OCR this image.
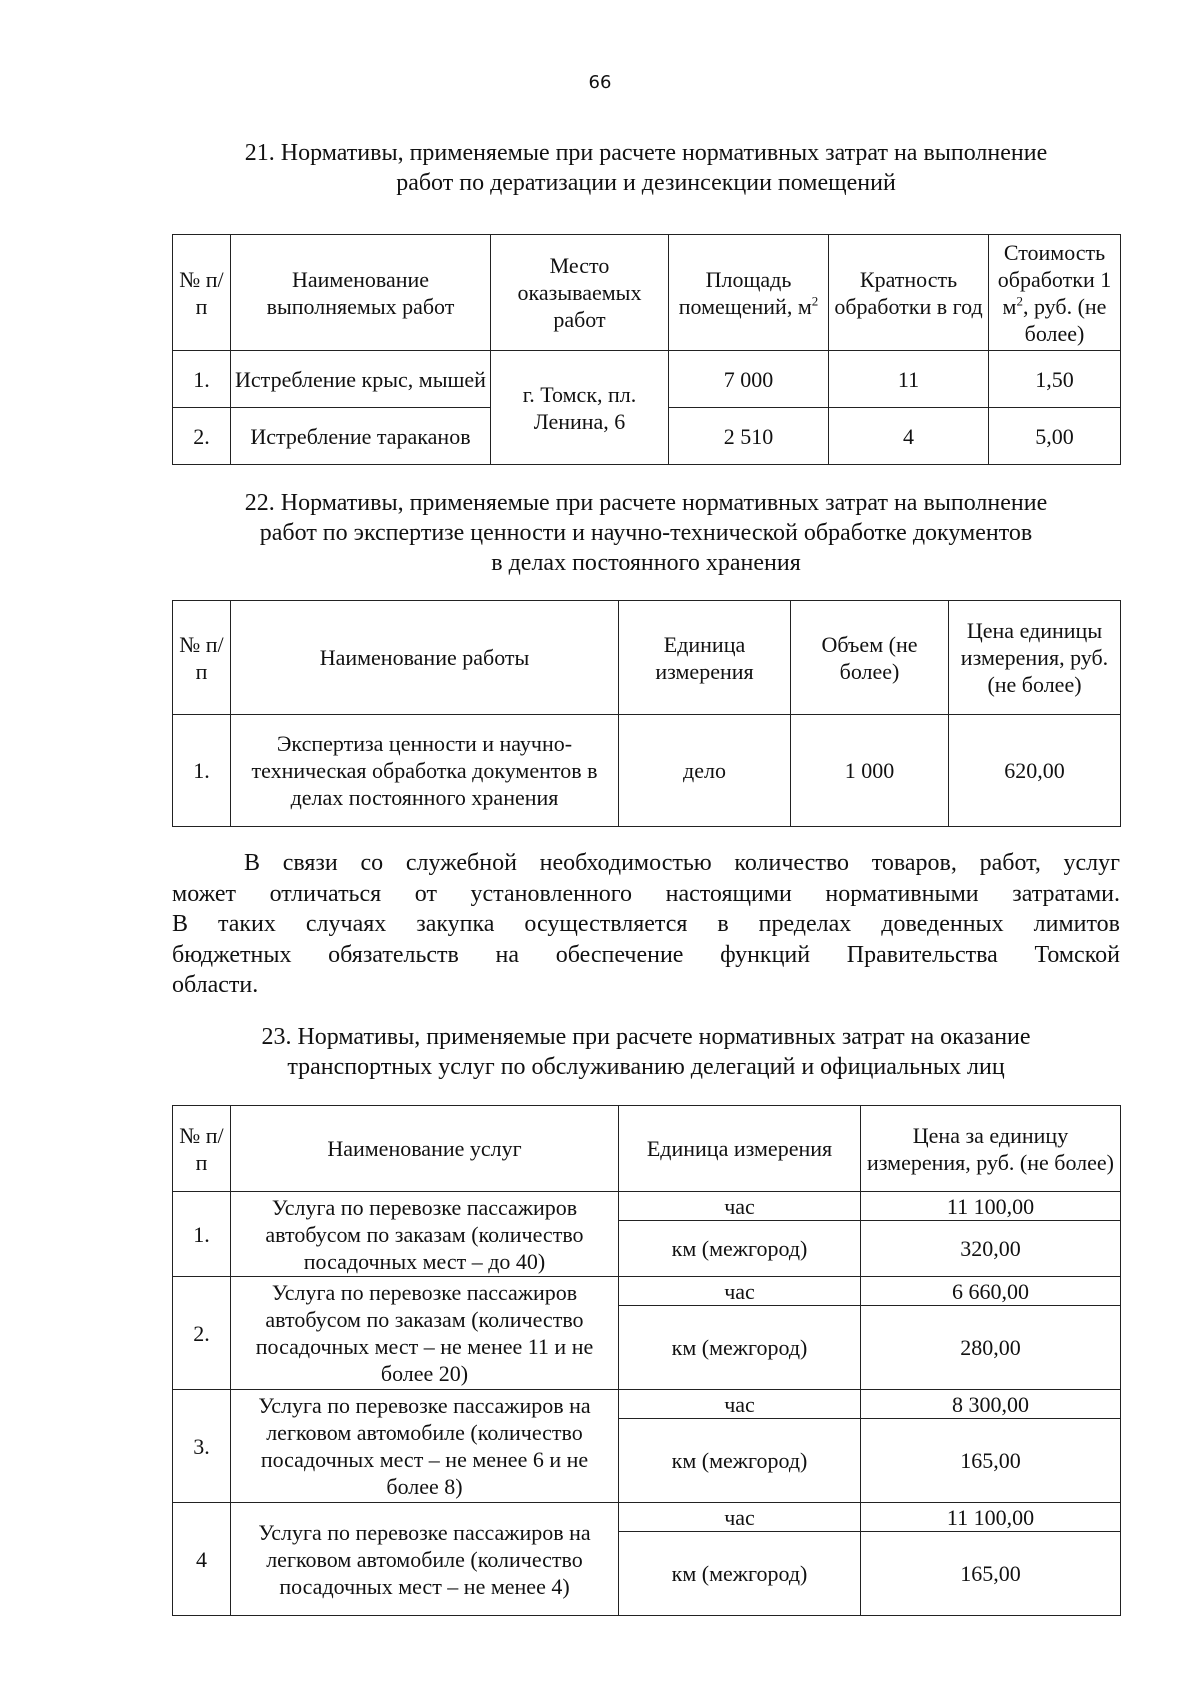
66
21. Нормативы, применяемые при расчете нормативных затрат на выполнение
работ по дератизации и дезинсекции помещений
№ п/п	Наименование выполняемых работ	Место оказываемых работ	Площадь помещений, $м^2$	Кратность обработки в год	Стоимость обработки 1 $м^2$, руб. (не более)
1.	Истребление крыс, мышей	г. Томск, пл. Ленина, 6	7 000	11	1,50
2.	Истребление тараканов		2 510	4	5,00
22. Нормативы, применяемые при расчете нормативных затрат на выполнение
работ по экспертизе ценности и научно-технической обработке документов
в делах постоянного хранения
№ п/п	Наименование работы	Единица измерения	Объем (не более)	Цена единицы измерения, руб. (не более)
1.	Экспертиза ценности и научно-техническая обработка документов в делах постоянного хранения	дело	1 000	620,00
В связи со служебной необходимостью количество товаров, работ, услуг
может отличаться от установленного настоящими нормативными затратами.
В таких случаях закупка осуществляется в пределах доведенных лимитов
бюджетных обязательств на обеспечение функций Правительства Томской
области.
23. Нормативы, применяемые при расчете нормативных затрат на оказание
транспортных услуг по обслуживанию делегаций и официальных лиц
№ п/п	Наименование услуг	Единица измерения	Цена за единицу измерения, руб. (не более)
1.	Услуга по перевозке пассажиров автобусом по заказам (количество посадочных мест – до 40)	час	11 100,00
		км (межгород)	320,00
2.	Услуга по перевозке пассажиров автобусом по заказам (количество посадочных мест – не менее 11 и не более 20)	час	6 660,00
		км (межгород)	280,00
3.	Услуга по перевозке пассажиров на легковом автомобиле (количество посадочных мест – не менее 6 и не более 8)	час	8 300,00
		км (межгород)	165,00
4	Услуга по перевозке пассажиров на легковом автомобиле (количество посадочных мест – не менее 4)	час	11 100,00
		км (межгород)	165,00
